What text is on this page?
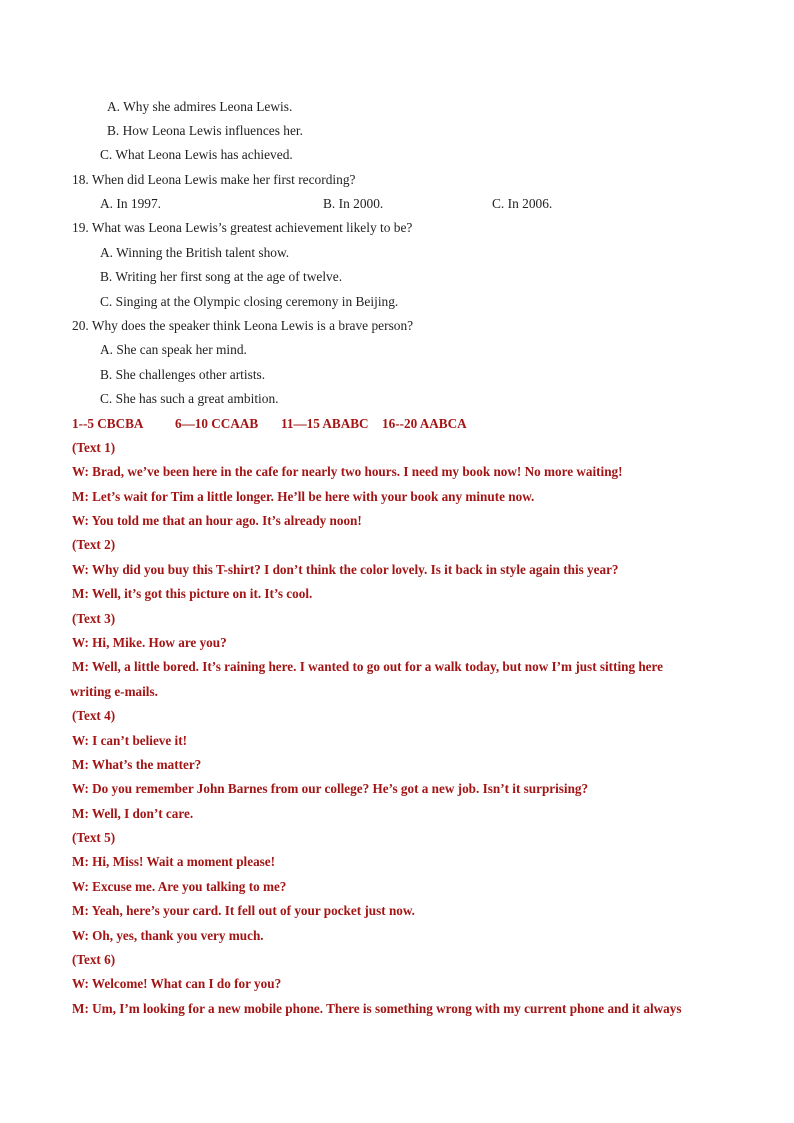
A. Why she admires Leona Lewis.
B. How Leona Lewis influences her.
C. What Leona Lewis has achieved.
18. When did Leona Lewis make her first recording?
A. In 1997.	B. In 2000.	C. In 2006.
19. What was Leona Lewis’s greatest achievement likely to be?
A. Winning the British talent show.
B. Writing her first song at the age of twelve.
C. Singing at the Olympic closing ceremony in Beijing.
20. Why does the speaker think Leona Lewis is a brave person?
A. She can speak her mind.
B. She challenges other artists.
C. She has such a great ambition.
1--5 CBCBA 6—10 CCAAB 11—15 ABABC 16--20 AABCA
(Text 1)
W: Brad, we’ve been here in the cafe for nearly two hours. I need my book now! No more waiting!
M: Let’s wait for Tim a little longer. He’ll be here with your book any minute now.
W: You told me that an hour ago. It’s already noon!
(Text 2)
W: Why did you buy this T-shirt? I don’t think the color lovely. Is it back in style again this year?
M: Well, it’s got this picture on it. It’s cool.
(Text 3)
W: Hi, Mike. How are you?
M: Well, a little bored. It’s raining here. I wanted to go out for a walk today, but now I’m just sitting here
writing e-mails.
(Text 4)
W: I can’t believe it!
M: What’s the matter?
W: Do you remember John Barnes from our college? He’s got a new job. Isn’t it surprising?
M: Well, I don’t care.
(Text 5)
M: Hi, Miss! Wait a moment please!
W: Excuse me. Are you talking to me?
M: Yeah, here’s your card. It fell out of your pocket just now.
W: Oh, yes, thank you very much.
(Text 6)
W: Welcome! What can I do for you?
M: Um, I’m looking for a new mobile phone. There is something wrong with my current phone and it always
